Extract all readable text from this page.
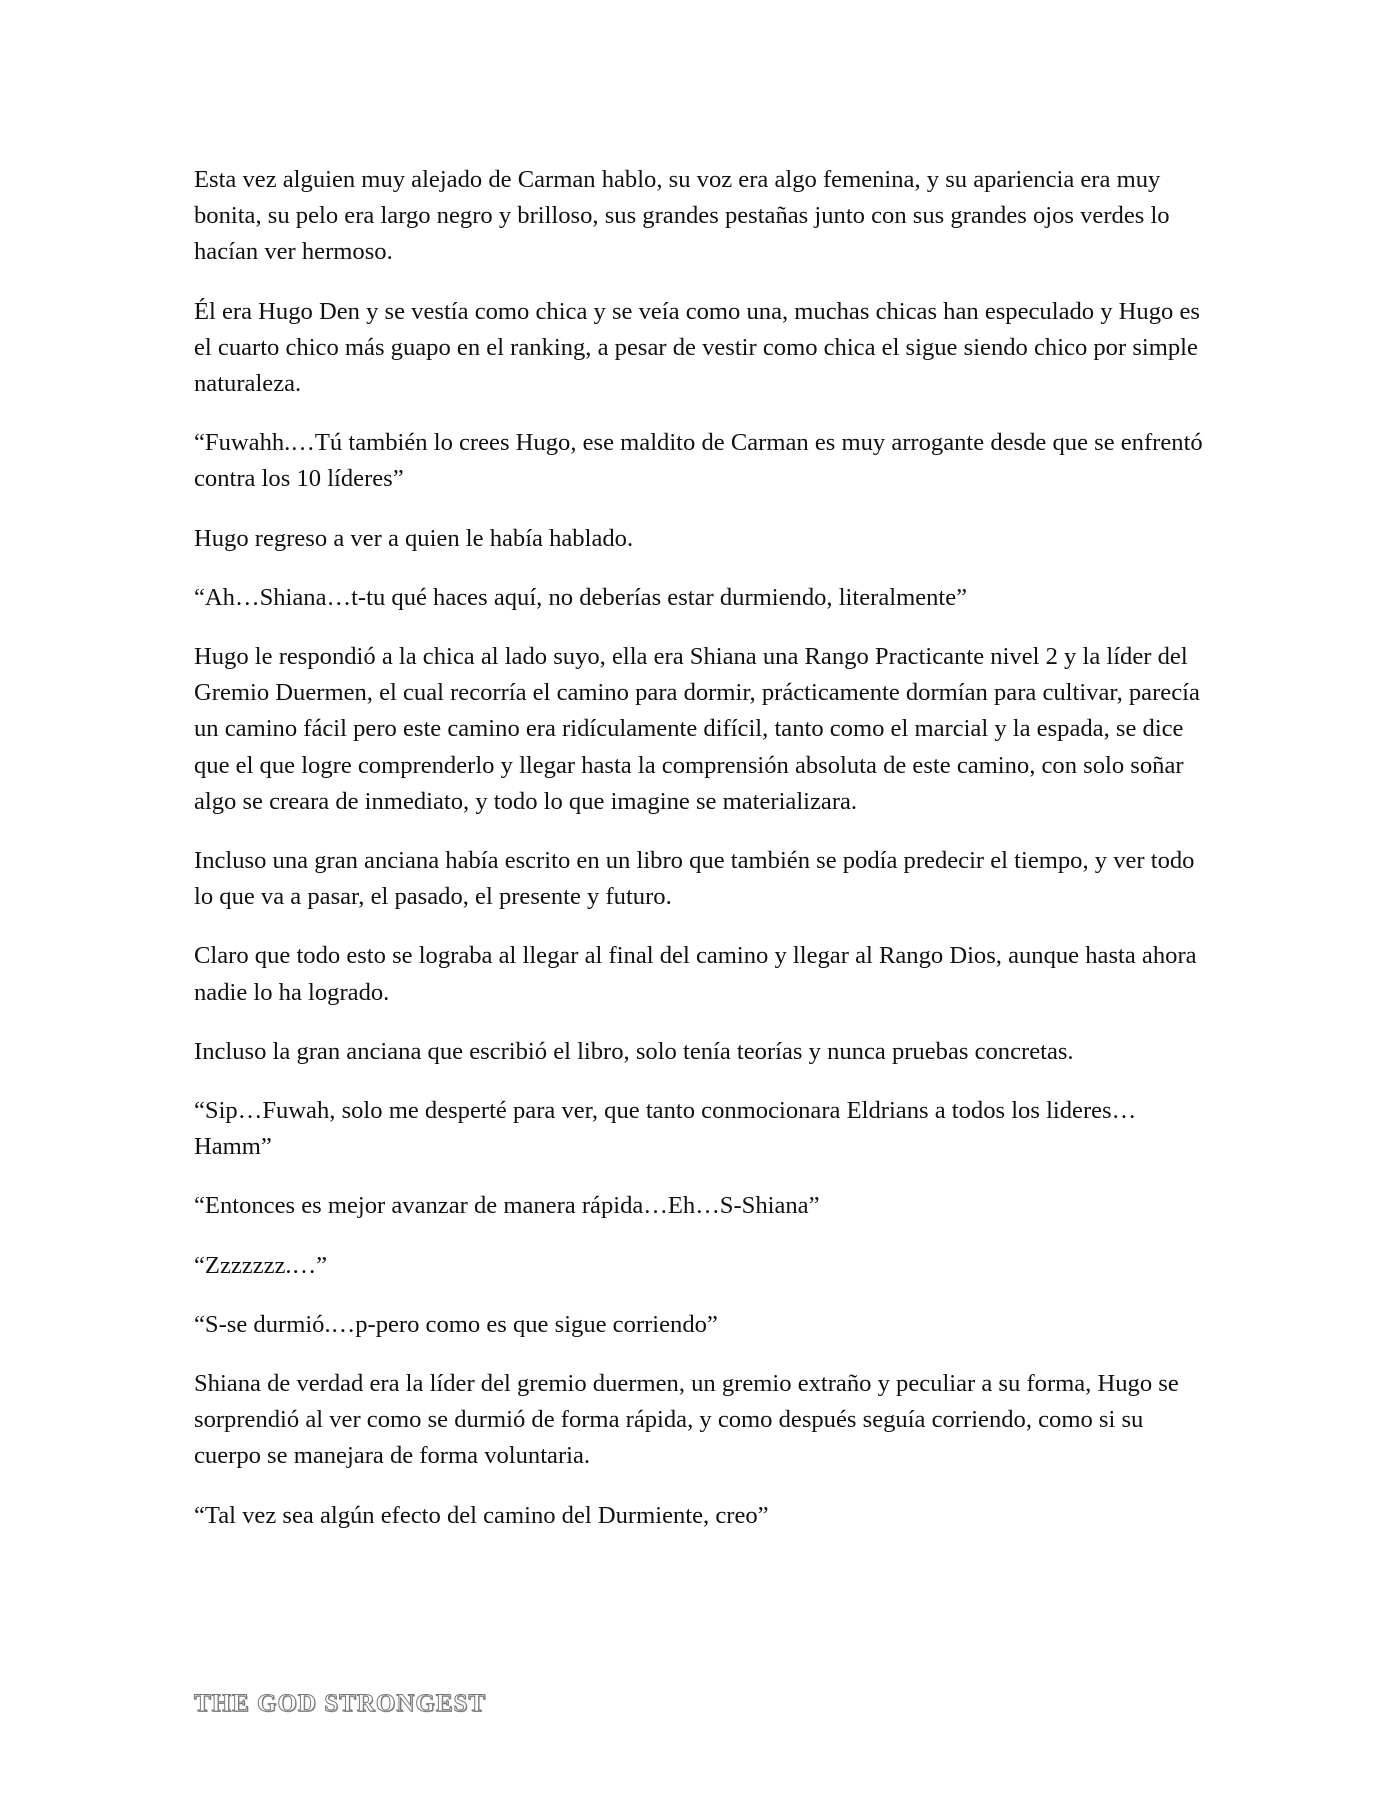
Esta vez alguien muy alejado de Carman hablo, su voz era algo femenina, y su apariencia era muy bonita, su pelo era largo negro y brilloso, sus grandes pestañas junto con sus grandes ojos verdes lo hacían ver hermoso.

Él era Hugo Den y se vestía como chica y se veía como una, muchas chicas han especulado y Hugo es el cuarto chico más guapo en el ranking, a pesar de vestir como chica el sigue siendo chico por simple naturaleza.

“Fuwahh.…Tú también lo crees Hugo, ese maldito de Carman es muy arrogante desde que se enfrentó contra los 10 líderes”

Hugo regreso a ver a quien le había hablado.

“Ah…Shiana…t-tu qué haces aquí, no deberías estar durmiendo, literalmente”

Hugo le respondió a la chica al lado suyo, ella era Shiana una Rango Practicante nivel 2 y la líder del Gremio Duermen, el cual recorría el camino para dormir, prácticamente dormían para cultivar, parecía un camino fácil pero este camino era ridículamente difícil, tanto como el marcial y la espada, se dice que el que logre comprenderlo y llegar hasta la comprensión absoluta de este camino, con solo soñar algo se creara de inmediato, y todo lo que imagine se materializara.

Incluso una gran anciana había escrito en un libro que también se podía predecir el tiempo, y ver todo lo que va a pasar, el pasado, el presente y futuro.

Claro que todo esto se lograba al llegar al final del camino y llegar al Rango Dios, aunque hasta ahora nadie lo ha logrado.

Incluso la gran anciana que escribió el libro, solo tenía teorías y nunca pruebas concretas.

“Sip…Fuwah, solo me desperté para ver, que tanto conmocionara Eldrians a todos los lideres…Hamm”

“Entonces es mejor avanzar de manera rápida…Eh…S-Shiana”

“Zzzzzzz.…”

“S-se durmió.…p-pero como es que sigue corriendo”

Shiana de verdad era la líder del gremio duermen, un gremio extraño y peculiar a su forma, Hugo se sorprendió al ver como se durmió de forma rápida, y como después seguía corriendo, como si su cuerpo se manejara de forma voluntaria.

“Tal vez sea algún efecto del camino del Durmiente, creo”

THE GOD STRONGEST
